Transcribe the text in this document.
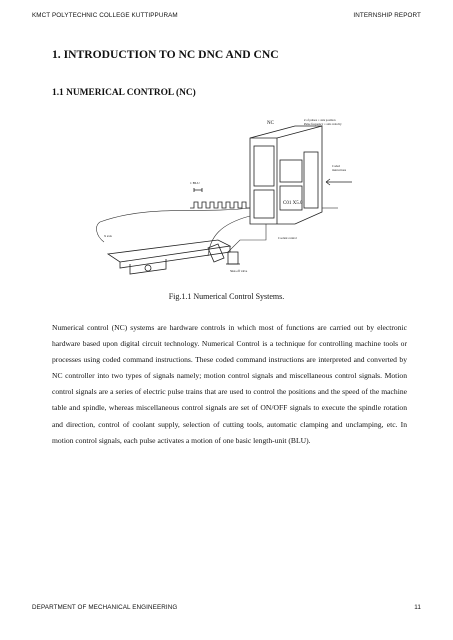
KMCT POLYTECHNIC COLLEGE KUTTIPPURAM	INTERNSHIP REPORT
1. INTRODUCTION TO NC DNC AND CNC
1.1 NUMERICAL CONTROL (NC)
NC
# of pulses = axis position
Pulse frequency = axis velocity
Coded
instructions
C01 X5.0
1 BLU
X axis	Coolant control
Shut-off valve
Fig.1.1 Numerical Control Systems.

Numerical control (NC) systems are hardware controls in which most of functions are carried out by electronic hardware based upon digital circuit technology. Numerical Control is a technique for controlling machine tools or processes using coded command instructions. These coded command instructions are interpreted and converted by NC controller into two types of signals namely; motion control signals and miscellaneous control signals. Motion control signals are a series of electric pulse trains that are used to control the positions and the speed of the machine table and spindle, whereas miscellaneous control signals are set of ON/OFF signals to execute the spindle rotation and direction, control of coolant supply, selection of cutting tools, automatic clamping and unclamping, etc. In motion control signals, each pulse activates a motion of one basic length-unit (BLU).

DEPARTMENT OF MECHANICAL ENGINEERING	11
